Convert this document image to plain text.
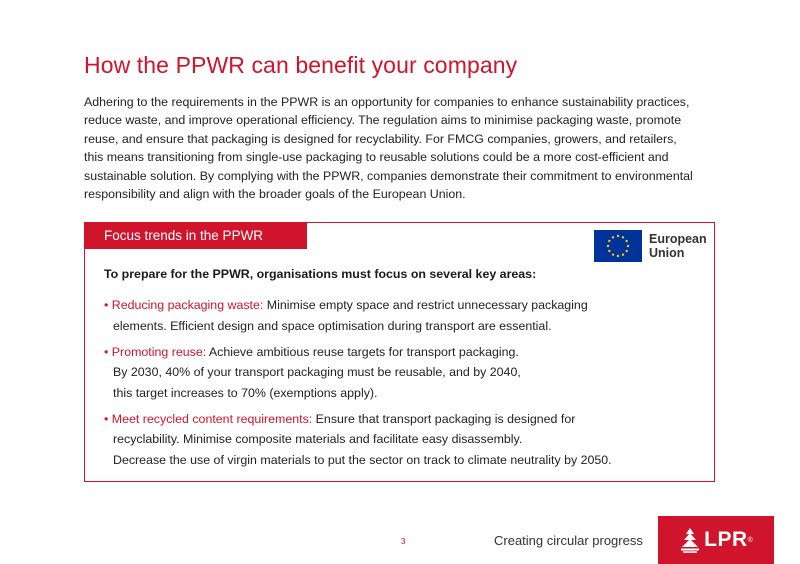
How the PPWR can benefit your company

Adhering to the requirements in the PPWR is an opportunity for companies to enhance sustainability practices,

reduce waste, and improve operational efficiency. The regulation aims to minimise packaging waste, promote

reuse, and ensure that packaging is designed for recyclability. For FMCG companies, growers, and retailers,

this means transitioning from single-use packaging to reusable solutions could be a more cost-efficient and

sustainable solution. By complying with the PPWR, companies demonstrate their commitment to environmental

responsibility and align with the broader goals of the European Union.

Focus trends in the PPWR	European
Union
To prepare for the PPWR, organisations must focus on several key areas:
• Reducing packaging waste: Minimise empty space and restrict unnecessary packaging
elements. Efficient design and space optimisation during transport are essential.
• Promoting reuse: Achieve ambitious reuse targets for transport packaging.
By 2030, 40% of your transport packaging must be reusable, and by 2040,
this target increases to 70% (exemptions apply).
• Meet recycled content requirements: Ensure that transport packaging is designed for
recyclability. Minimise composite materials and facilitate easy disassembly.
Decrease the use of virgin materials to put the sector on track to climate neutrality by 2050.
3	Creating circular progress	LPR ®
